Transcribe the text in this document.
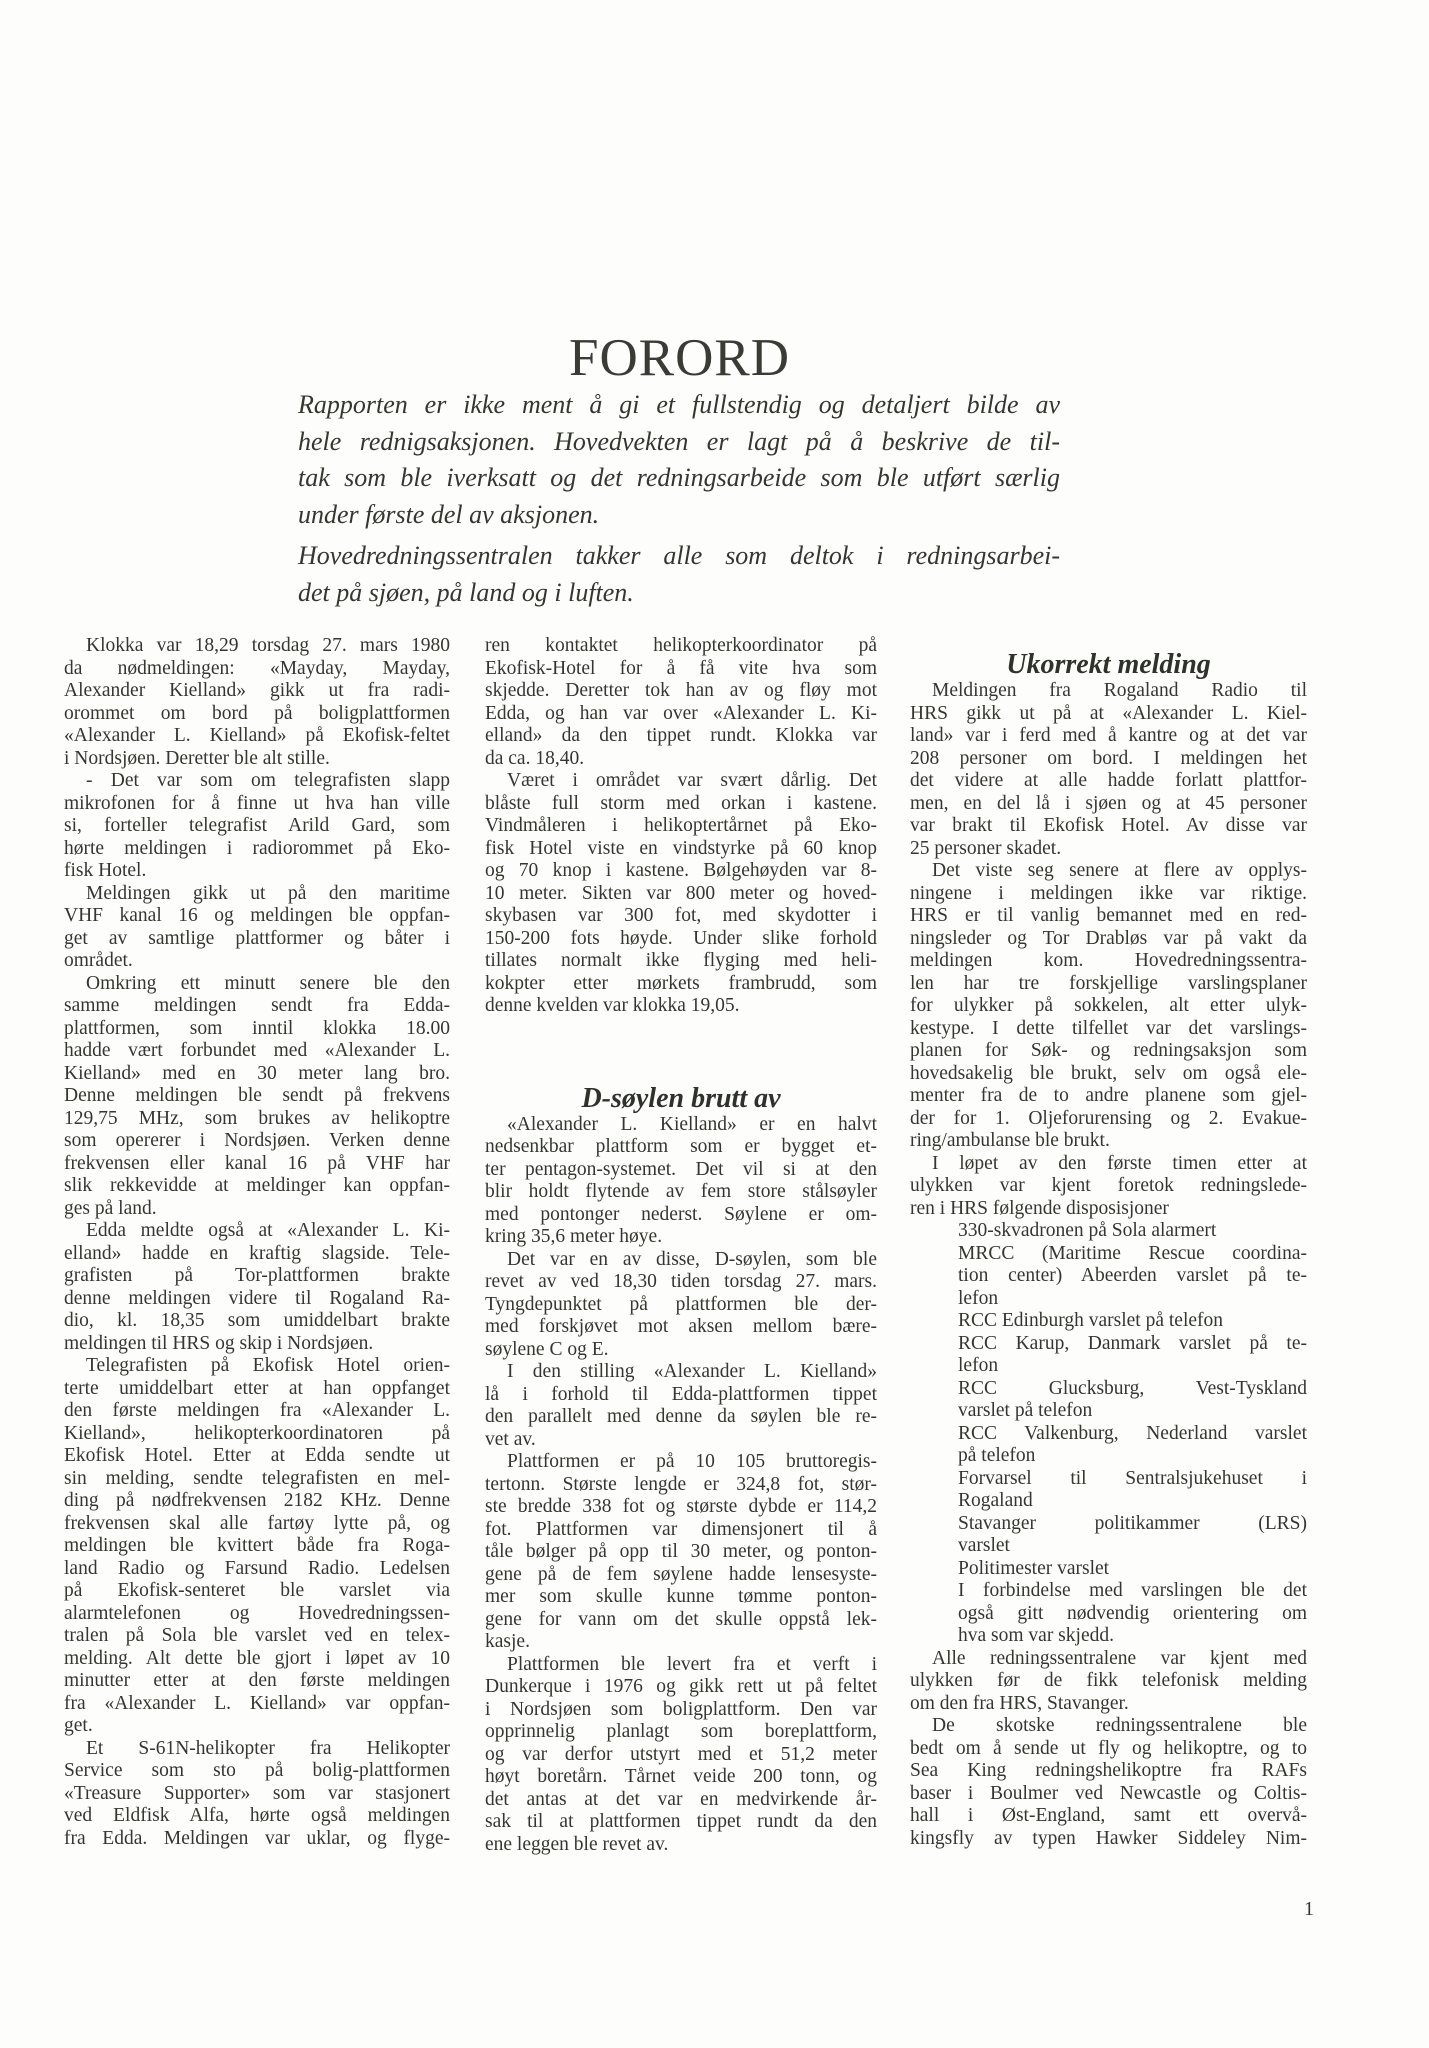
FORORD
Rapporten er ikke ment å gi et fullstendig og detaljert bilde av
hele rednigsaksjonen. Hovedvekten er lagt på å beskrive de til-
tak som ble iverksatt og det redningsarbeide som ble utført særlig
under første del av aksjonen.
Hovedredningssentralen takker alle som deltok i redningsarbei-
det på sjøen, på land og i luften.
Klokka var 18,29 torsdag 27. mars 1980
da nødmeldingen: «Mayday, Mayday,
Alexander Kielland» gikk ut fra radi-
orommet om bord på boligplattformen
«Alexander L. Kielland» på Ekofisk-feltet
i Nordsjøen. Deretter ble alt stille.
- Det var som om telegrafisten slapp
mikrofonen for å finne ut hva han ville
si, forteller telegrafist Arild Gard, som
hørte meldingen i radiorommet på Eko-
fisk Hotel.
Meldingen gikk ut på den maritime
VHF kanal 16 og meldingen ble oppfan-
get av samtlige plattformer og båter i
området.
Omkring ett minutt senere ble den
samme meldingen sendt fra Edda-
plattformen, som inntil klokka 18.00
hadde vært forbundet med «Alexander L.
Kielland» med en 30 meter lang bro.
Denne meldingen ble sendt på frekvens
129,75 MHz, som brukes av helikoptre
som opererer i Nordsjøen. Verken denne
frekvensen eller kanal 16 på VHF har
slik rekkevidde at meldinger kan oppfan-
ges på land.
Edda meldte også at «Alexander L. Ki-
elland» hadde en kraftig slagside. Tele-
grafisten på Tor-plattformen brakte
denne meldingen videre til Rogaland Ra-
dio, kl. 18,35 som umiddelbart brakte
meldingen til HRS og skip i Nordsjøen.
Telegrafisten på Ekofisk Hotel orien-
terte umiddelbart etter at han oppfanget
den første meldingen fra «Alexander L.
Kielland», helikopterkoordinatoren på
Ekofisk Hotel. Etter at Edda sendte ut
sin melding, sendte telegrafisten en mel-
ding på nødfrekvensen 2182 KHz. Denne
frekvensen skal alle fartøy lytte på, og
meldingen ble kvittert både fra Roga-
land Radio og Farsund Radio. Ledelsen
på Ekofisk-senteret ble varslet via
alarmtelefonen og Hovedredningssen-
tralen på Sola ble varslet ved en telex-
melding. Alt dette ble gjort i løpet av 10
minutter etter at den første meldingen
fra «Alexander L. Kielland» var oppfan-
get.
Et S-61N-helikopter fra Helikopter
Service som sto på bolig-plattformen
«Treasure Supporter» som var stasjonert
ved Eldfisk Alfa, hørte også meldingen
fra Edda. Meldingen var uklar, og flyge-
ren kontaktet helikopterkoordinator på
Ekofisk-Hotel for å få vite hva som
skjedde. Deretter tok han av og fløy mot
Edda, og han var over «Alexander L. Ki-
elland» da den tippet rundt. Klokka var
da ca. 18,40.
Været i området var svært dårlig. Det
blåste full storm med orkan i kastene.
Vindmåleren i helikoptertårnet på Eko-
fisk Hotel viste en vindstyrke på 60 knop
og 70 knop i kastene. Bølgehøyden var 8-
10 meter. Sikten var 800 meter og hoved-
skybasen var 300 fot, med skydotter i
150-200 fots høyde. Under slike forhold
tillates normalt ikke flyging med heli-
kokpter etter mørkets frambrudd, som
denne kvelden var klokka 19,05.
D-søylen brutt av
«Alexander L. Kielland» er en halvt
nedsenkbar plattform som er bygget et-
ter pentagon-systemet. Det vil si at den
blir holdt flytende av fem store stålsøyler
med pontonger nederst. Søylene er om-
kring 35,6 meter høye.
Det var en av disse, D-søylen, som ble
revet av ved 18,30 tiden torsdag 27. mars.
Tyngdepunktet på plattformen ble der-
med forskjøvet mot aksen mellom bære-
søylene C og E.
I den stilling «Alexander L. Kielland»
lå i forhold til Edda-plattformen tippet
den parallelt med denne da søylen ble re-
vet av.
Plattformen er på 10 105 bruttoregis-
tertonn. Største lengde er 324,8 fot, stør-
ste bredde 338 fot og største dybde er 114,2
fot. Plattformen var dimensjonert til å
tåle bølger på opp til 30 meter, og ponton-
gene på de fem søylene hadde lensesyste-
mer som skulle kunne tømme ponton-
gene for vann om det skulle oppstå lek-
kasje.
Plattformen ble levert fra et verft i
Dunkerque i 1976 og gikk rett ut på feltet
i Nordsjøen som boligplattform. Den var
opprinnelig planlagt som boreplattform,
og var derfor utstyrt med et 51,2 meter
høyt boretårn. Tårnet veide 200 tonn, og
det antas at det var en medvirkende år-
sak til at plattformen tippet rundt da den
ene leggen ble revet av.
Ukorrekt melding
Meldingen fra Rogaland Radio til
HRS gikk ut på at «Alexander L. Kiel-
land» var i ferd med å kantre og at det var
208 personer om bord. I meldingen het
det videre at alle hadde forlatt plattfor-
men, en del lå i sjøen og at 45 personer
var brakt til Ekofisk Hotel. Av disse var
25 personer skadet.
Det viste seg senere at flere av opplys-
ningene i meldingen ikke var riktige.
HRS er til vanlig bemannet med en red-
ningsleder og Tor Drabløs var på vakt da
meldingen kom. Hovedredningssentra-
len har tre forskjellige varslingsplaner
for ulykker på sokkelen, alt etter ulyk-
kestype. I dette tilfellet var det varslings-
planen for Søk- og redningsaksjon som
hovedsakelig ble brukt, selv om også ele-
menter fra de to andre planene som gjel-
der for 1. Oljeforurensing og 2. Evakue-
ring/ambulanse ble brukt.
I løpet av den første timen etter at
ulykken var kjent foretok redningslede-
ren i HRS følgende disposisjoner
330-skvadronen på Sola alarmert
MRCC (Maritime Rescue coordina-
tion center) Abeerden varslet på te-
lefon
RCC Edinburgh varslet på telefon
RCC Karup, Danmark varslet på te-
lefon
RCC Glucksburg, Vest-Tyskland
varslet på telefon
RCC Valkenburg, Nederland varslet
på telefon
Forvarsel til Sentralsjukehuset i
Rogaland
Stavanger politikammer (LRS)
varslet
Politimester varslet
I forbindelse med varslingen ble det
også gitt nødvendig orientering om
hva som var skjedd.
Alle redningssentralene var kjent med
ulykken før de fikk telefonisk melding
om den fra HRS, Stavanger.
De skotske redningssentralene ble
bedt om å sende ut fly og helikoptre, og to
Sea King redningshelikoptre fra RAFs
baser i Boulmer ved Newcastle og Coltis-
hall i Øst-England, samt ett overvå-
kingsfly av typen Hawker Siddeley Nim-
1
